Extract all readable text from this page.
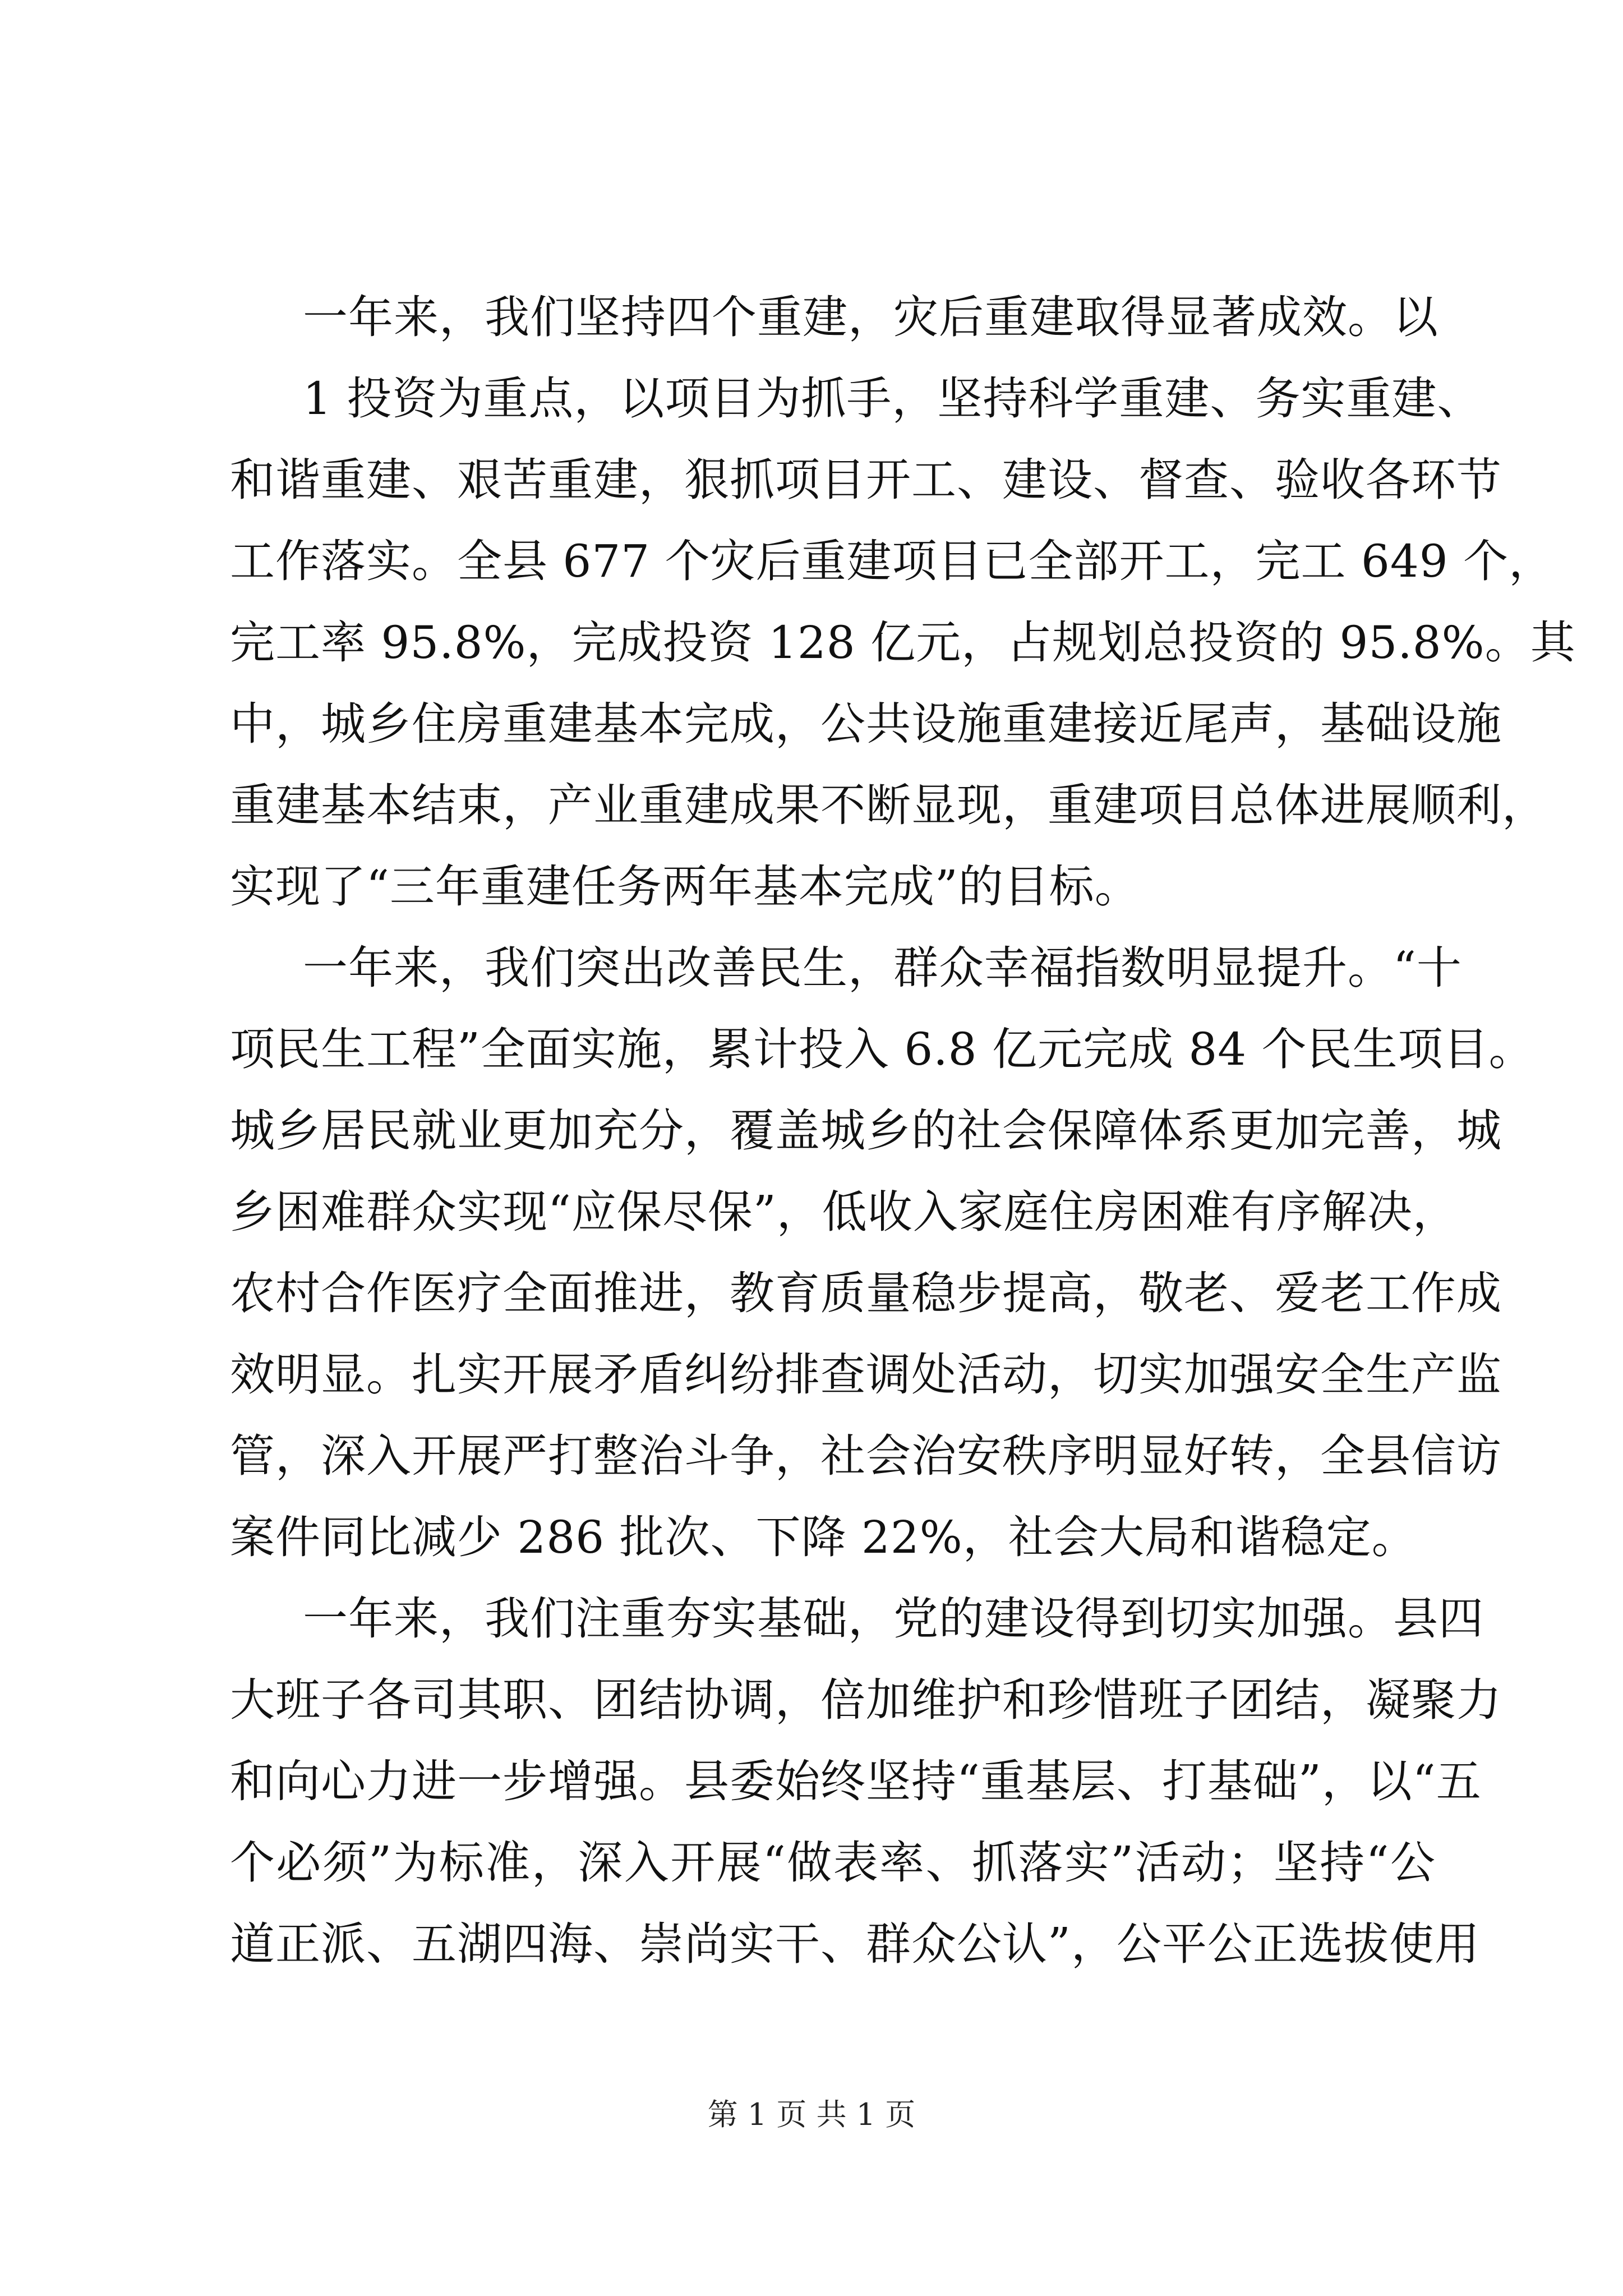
一年来，我们坚持四个重建，灾后重建取得显著成效。以
1 投资为重点，以项目为抓手，坚持科学重建、务实重建、
和谐重建、艰苦重建，狠抓项目开工、建设、督查、验收各环节
工作落实。全县 677 个灾后重建项目已全部开工，完工 649 个，
完工率 95.8%，完成投资 128 亿元，占规划总投资的 95.8%。其
中，城乡住房重建基本完成，公共设施重建接近尾声，基础设施
重建基本结束，产业重建成果不断显现，重建项目总体进展顺利，
实现了“三年重建任务两年基本完成”的目标。
一年来，我们突出改善民生，群众幸福指数明显提升。“十
项民生工程”全面实施，累计投入 6.8 亿元完成 84 个民生项目。
城乡居民就业更加充分，覆盖城乡的社会保障体系更加完善，城
乡困难群众实现“应保尽保”，低收入家庭住房困难有序解决，
农村合作医疗全面推进，教育质量稳步提高，敬老、爱老工作成
效明显。扎实开展矛盾纠纷排查调处活动，切实加强安全生产监
管，深入开展严打整治斗争，社会治安秩序明显好转，全县信访
案件同比减少 286 批次、下降 22%，社会大局和谐稳定。
一年来，我们注重夯实基础，党的建设得到切实加强。县四
大班子各司其职、团结协调，倍加维护和珍惜班子团结，凝聚力
和向心力进一步增强。县委始终坚持“重基层、打基础”，以“五
个必须”为标准，深入开展“做表率、抓落实”活动；坚持“公
道正派、五湖四海、崇尚实干、群众公认”，公平公正选拔使用
第 1 页 共 1 页
